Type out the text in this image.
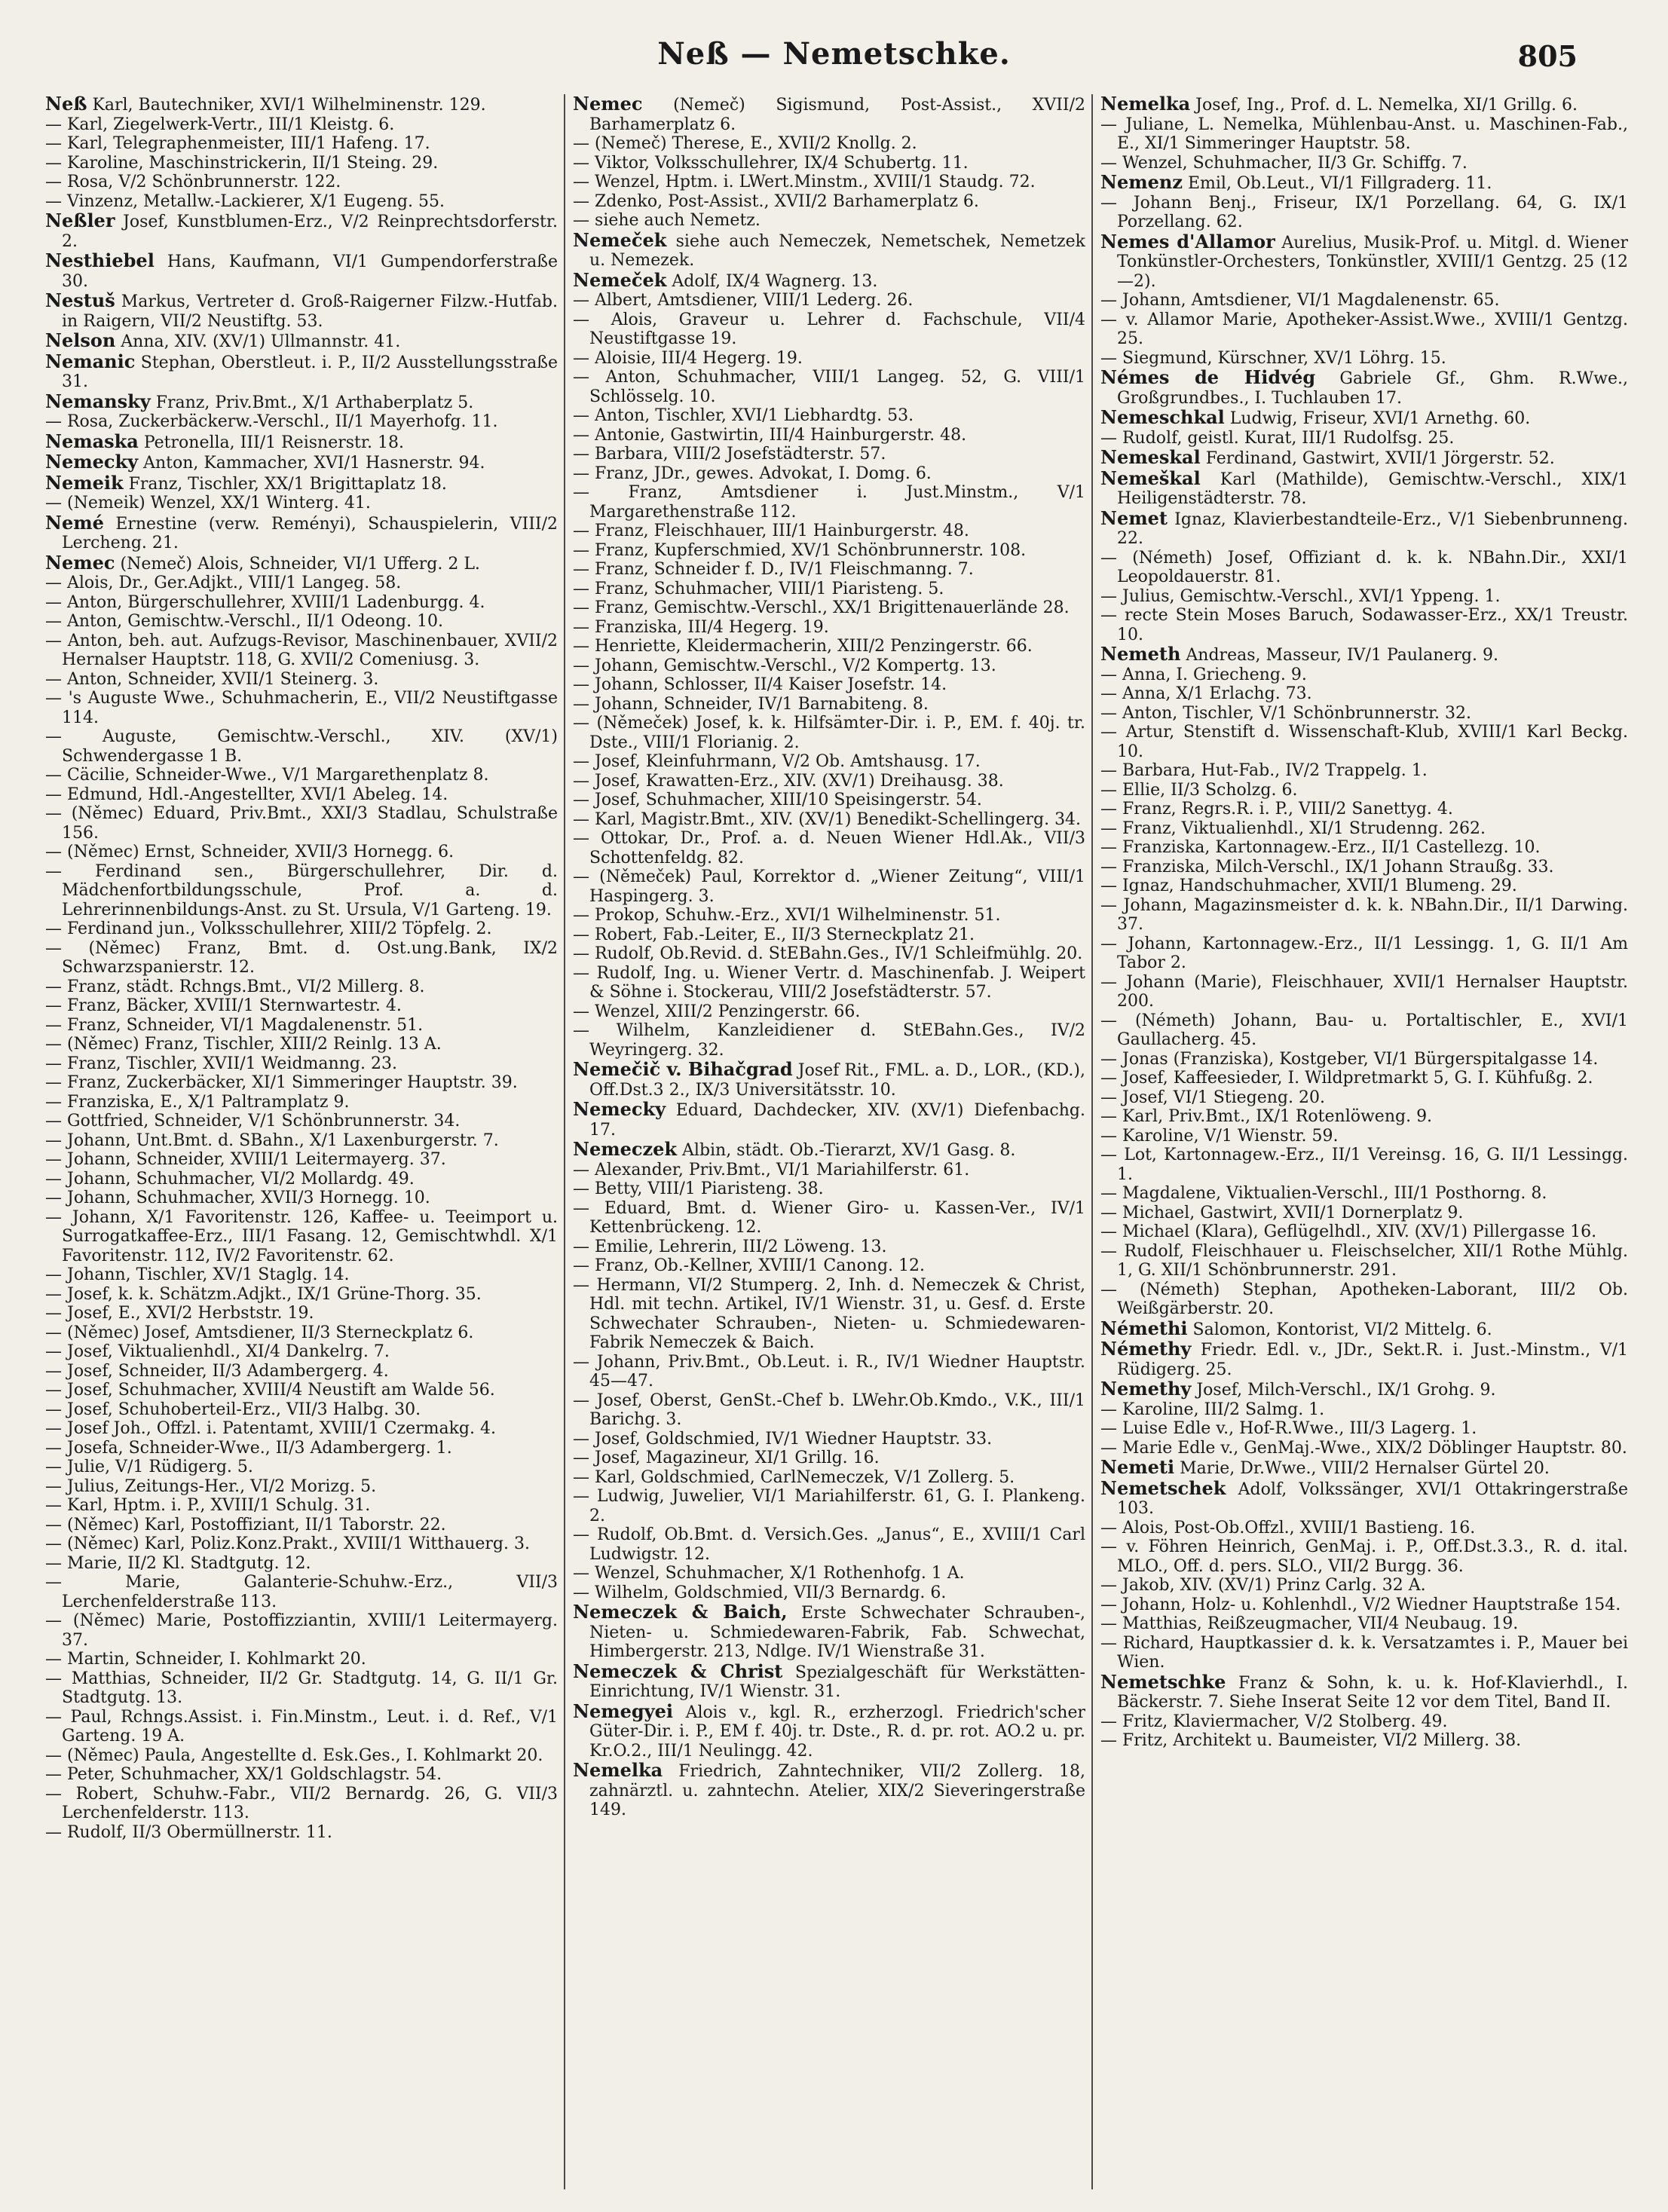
Neß — Nemetschke.	805

Neß Karl, Bautechniker, XVI/1 Wilhelminenstr. 129.

— Karl, Ziegelwerk-Vertr., III/1 Kleistg. 6.

— Karl, Telegraphenmeister, III/1 Hafeng. 17.

— Karoline, Maschinstrickerin, II/1 Steing. 29.

— Rosa, V/2 Schönbrunnerstr. 122.

— Vinzenz, Metallw.-Lackierer, X/1 Eugeng. 55.

Neßler Josef, Kunstblumen-Erz., V/2 Reinprechtsdorferstr. 2.

Nesthiebel Hans, Kaufmann, VI/1 Gumpendorferstraße 30.

Nestuš Markus, Vertreter d. Groß-Raigerner Filzw.-Hutfab. in Raigern, VII/2 Neustiftg. 53.

Nelson Anna, XIV. (XV/1) Ullmannstr. 41.

Nemanic Stephan, Oberstleut. i. P., II/2 Ausstellungsstraße 31.

Nemansky Franz, Priv.Bmt., X/1 Arthaberplatz 5.

— Rosa, Zuckerbäckerw.-Verschl., II/1 Mayerhofg. 11.

Nemaska Petronella, III/1 Reisnerstr. 18.

Nemecky Anton, Kammacher, XVI/1 Hasnerstr. 94.

Nemeik Franz, Tischler, XX/1 Brigittaplatz 18.

— (Nemeik) Wenzel, XX/1 Winterg. 41.

Nemé Ernestine (verw. Reményi), Schauspielerin, VIII/2 Lercheng. 21.

Nemec (Nemeč) Alois, Schneider, VI/1 Ufferg. 2 L.

— Alois, Dr., Ger.Adjkt., VIII/1 Langeg. 58.

— Anton, Bürgerschullehrer, XVIII/1 Ladenburgg. 4.

— Anton, Gemischtw.-Verschl., II/1 Odeong. 10.

— Anton, beh. aut. Aufzugs-Revisor, Maschinenbauer, XVII/2 Hernalser Hauptstr. 118, G. XVII/2 Comeniusg. 3.

— Anton, Schneider, XVII/1 Steinerg. 3.

— 's Auguste Wwe., Schuhmacherin, E., VII/2 Neustiftgasse 114.

— Auguste, Gemischtw.-Verschl., XIV. (XV/1) Schwendergasse 1 B.

— Cäcilie, Schneider-Wwe., V/1 Margarethenplatz 8.

— Edmund, Hdl.-Angestellter, XVI/1 Abeleg. 14.

— (Němec) Eduard, Priv.Bmt., XXI/3 Stadlau, Schulstraße 156.

— (Němec) Ernst, Schneider, XVII/3 Hornegg. 6.

— Ferdinand sen., Bürgerschullehrer, Dir. d. Mädchenfortbildungsschule, Prof. a. d. Lehrerinnenbildungs-Anst. zu St. Ursula, V/1 Garteng. 19.

— Ferdinand jun., Volksschullehrer, XIII/2 Töpfelg. 2.

— (Němec) Franz, Bmt. d. Ost.ung.Bank, IX/2 Schwarzspanierstr. 12.

— Franz, städt. Rchngs.Bmt., VI/2 Millerg. 8.

— Franz, Bäcker, XVIII/1 Sternwartestr. 4.

— Franz, Schneider, VI/1 Magdalenenstr. 51.

— (Němec) Franz, Tischler, XIII/2 Reinlg. 13 A.

— Franz, Tischler, XVII/1 Weidmanng. 23.

— Franz, Zuckerbäcker, XI/1 Simmeringer Hauptstr. 39.

— Franziska, E., X/1 Paltramplatz 9.

— Gottfried, Schneider, V/1 Schönbrunnerstr. 34.

— Johann, Unt.Bmt. d. SBahn., X/1 Laxenburgerstr. 7.

— Johann, Schneider, XVIII/1 Leitermayerg. 37.

— Johann, Schuhmacher, VI/2 Mollardg. 49.

— Johann, Schuhmacher, XVII/3 Hornegg. 10.

— Johann, X/1 Favoritenstr. 126, Kaffee- u. Teeimport u. Surrogatkaffee-Erz., III/1 Fasang. 12, Gemischtwhdl. X/1 Favoritenstr. 112, IV/2 Favoritenstr. 62.

— Johann, Tischler, XV/1 Staglg. 14.

— Josef, k. k. Schätzm.Adjkt., IX/1 Grüne-Thorg. 35.

— Josef, E., XVI/2 Herbststr. 19.

— (Němec) Josef, Amtsdiener, II/3 Sterneckplatz 6.

— Josef, Viktualienhdl., XI/4 Dankelrg. 7.

— Josef, Schneider, II/3 Adambergerg. 4.

— Josef, Schuhmacher, XVIII/4 Neustift am Walde 56.

— Josef, Schuhoberteil-Erz., VII/3 Halbg. 30.

— Josef Joh., Offzl. i. Patentamt, XVIII/1 Czermakg. 4.

— Josefa, Schneider-Wwe., II/3 Adambergerg. 1.

— Julie, V/1 Rüdigerg. 5.

— Julius, Zeitungs-Her., VI/2 Morizg. 5.

— Karl, Hptm. i. P., XVIII/1 Schulg. 31.

— (Němec) Karl, Postoffiziant, II/1 Taborstr. 22.

— (Němec) Karl, Poliz.Konz.Prakt., XVIII/1 Witthauerg. 3.

— Marie, II/2 Kl. Stadtgutg. 12.

— Marie, Galanterie-Schuhw.-Erz., VII/3 Lerchenfelderstraße 113.

— (Němec) Marie, Postoffizziantin, XVIII/1 Leitermayerg. 37.

— Martin, Schneider, I. Kohlmarkt 20.

— Matthias, Schneider, II/2 Gr. Stadtgutg. 14, G. II/1 Gr. Stadtgutg. 13.

— Paul, Rchngs.Assist. i. Fin.Minstm., Leut. i. d. Ref., V/1 Garteng. 19 A.

— (Němec) Paula, Angestellte d. Esk.Ges., I. Kohlmarkt 20.

— Peter, Schuhmacher, XX/1 Goldschlagstr. 54.

— Robert, Schuhw.-Fabr., VII/2 Bernardg. 26, G. VII/3 Lerchenfelderstr. 113.

— Rudolf, II/3 Obermüllnerstr. 11.

Nemec (Nemeč) Sigismund, Post-Assist., XVII/2 Barhamerplatz 6.

— (Nemeč) Therese, E., XVII/2 Knollg. 2.

— Viktor, Volksschullehrer, IX/4 Schubertg. 11.

— Wenzel, Hptm. i. LWert.Minstm., XVIII/1 Staudg. 72.

— Zdenko, Post-Assist., XVII/2 Barhamerplatz 6.

— siehe auch Nemetz.

Nemeček siehe auch Nemeczek, Nemetschek, Nemetzek u. Nemezek.

Nemeček Adolf, IX/4 Wagnerg. 13.

— Albert, Amtsdiener, VIII/1 Lederg. 26.

— Alois, Graveur u. Lehrer d. Fachschule, VII/4 Neustiftgasse 19.

— Aloisie, III/4 Hegerg. 19.

— Anton, Schuhmacher, VIII/1 Langeg. 52, G. VIII/1 Schlösselg. 10.

— Anton, Tischler, XVI/1 Liebhardtg. 53.

— Antonie, Gastwirtin, III/4 Hainburgerstr. 48.

— Barbara, VIII/2 Josefstädterstr. 57.

— Franz, JDr., gewes. Advokat, I. Domg. 6.

— Franz, Amtsdiener i. Just.Minstm., V/1 Margarethenstraße 112.

— Franz, Fleischhauer, III/1 Hainburgerstr. 48.

— Franz, Kupferschmied, XV/1 Schönbrunnerstr. 108.

— Franz, Schneider f. D., IV/1 Fleischmanng. 7.

— Franz, Schuhmacher, VIII/1 Piaristeng. 5.

— Franz, Gemischtw.-Verschl., XX/1 Brigittenauerlände 28.

— Franziska, III/4 Hegerg. 19.

— Henriette, Kleidermacherin, XIII/2 Penzingerstr. 66.

— Johann, Gemischtw.-Verschl., V/2 Kompertg. 13.

— Johann, Schlosser, II/4 Kaiser Josefstr. 14.

— Johann, Schneider, IV/1 Barnabiteng. 8.

— (Němeček) Josef, k. k. Hilfsämter-Dir. i. P., EM. f. 40j. tr. Dste., VIII/1 Florianig. 2.

— Josef, Kleinfuhrmann, V/2 Ob. Amtshausg. 17.

— Josef, Krawatten-Erz., XIV. (XV/1) Dreihausg. 38.

— Josef, Schuhmacher, XIII/10 Speisingerstr. 54.

— Karl, Magistr.Bmt., XIV. (XV/1) Benedikt-Schellingerg. 34.

— Ottokar, Dr., Prof. a. d. Neuen Wiener Hdl.Ak., VII/3 Schottenfeldg. 82.

— (Němeček) Paul, Korrektor d. „Wiener Zeitung“, VIII/1 Haspingerg. 3.

— Prokop, Schuhw.-Erz., XVI/1 Wilhelminenstr. 51.

— Robert, Fab.-Leiter, E., II/3 Sterneckplatz 21.

— Rudolf, Ob.Revid. d. StEBahn.Ges., IV/1 Schleifmühlg. 20.

— Rudolf, Ing. u. Wiener Vertr. d. Maschinenfab. J. Weipert & Söhne i. Stockerau, VIII/2 Josefstädterstr. 57.

— Wenzel, XIII/2 Penzingerstr. 66.

— Wilhelm, Kanzleidiener d. StEBahn.Ges., IV/2 Weyringerg. 32.

Nemečič v. Bihačgrad Josef Rit., FML. a. D., LOR., (KD.), Off.Dst.3 2., IX/3 Universitätsstr. 10.

Nemecky Eduard, Dachdecker, XIV. (XV/1) Diefenbachg. 17.

Nemeczek Albin, städt. Ob.-Tierarzt, XV/1 Gasg. 8.

— Alexander, Priv.Bmt., VI/1 Mariahilferstr. 61.

— Betty, VIII/1 Piaristeng. 38.

— Eduard, Bmt. d. Wiener Giro- u. Kassen-Ver., IV/1 Kettenbrückeng. 12.

— Emilie, Lehrerin, III/2 Löweng. 13.

— Franz, Ob.-Kellner, XVIII/1 Canong. 12.

— Hermann, VI/2 Stumperg. 2, Inh. d. Nemeczek & Christ, Hdl. mit techn. Artikel, IV/1 Wienstr. 31, u. Gesf. d. Erste Schwechater Schrauben-, Nieten- u. Schmiedewaren-Fabrik Nemeczek & Baich.

— Johann, Priv.Bmt., Ob.Leut. i. R., IV/1 Wiedner Hauptstr. 45—47.

— Josef, Oberst, GenSt.-Chef b. LWehr.Ob.Kmdo., V.K., III/1 Barichg. 3.

— Josef, Goldschmied, IV/1 Wiedner Hauptstr. 33.

— Josef, Magazineur, XI/1 Grillg. 16.

— Karl, Goldschmied, CarlNemeczek, V/1 Zollerg. 5.

— Ludwig, Juwelier, VI/1 Mariahilferstr. 61, G. I. Plankeng. 2.

— Rudolf, Ob.Bmt. d. Versich.Ges. „Janus“, E., XVIII/1 Carl Ludwigstr. 12.

— Wenzel, Schuhmacher, X/1 Rothenhofg. 1 A.

— Wilhelm, Goldschmied, VII/3 Bernardg. 6.

Nemeczek & Baich, Erste Schwechater Schrauben-, Nieten- u. Schmiedewaren-Fabrik, Fab. Schwechat, Himbergerstr. 213, Ndlge. IV/1 Wienstraße 31.

Nemeczek & Christ Spezialgeschäft für Werkstätten-Einrichtung, IV/1 Wienstr. 31.

Nemegyei Alois v., kgl. R., erzherzogl. Friedrich'scher Güter-Dir. i. P., EM f. 40j. tr. Dste., R. d. pr. rot. AO.2 u. pr. Kr.O.2., III/1 Neulingg. 42.

Nemelka Friedrich, Zahntechniker, VII/2 Zollerg. 18, zahnärztl. u. zahntechn. Atelier, XIX/2 Sieveringerstraße 149.

Nemelka Josef, Ing., Prof. d. L. Nemelka, XI/1 Grillg. 6.

— Juliane, L. Nemelka, Mühlenbau-Anst. u. Maschinen-Fab., E., XI/1 Simmeringer Hauptstr. 58.

— Wenzel, Schuhmacher, II/3 Gr. Schiffg. 7.

Nemenz Emil, Ob.Leut., VI/1 Fillgraderg. 11.

— Johann Benj., Friseur, IX/1 Porzellang. 64, G. IX/1 Porzellang. 62.

Nemes d'Allamor Aurelius, Musik-Prof. u. Mitgl. d. Wiener Tonkünstler-Orchesters, Tonkünstler, XVIII/1 Gentzg. 25 (12—2).

— Johann, Amtsdiener, VI/1 Magdalenenstr. 65.

— v. Allamor Marie, Apotheker-Assist.Wwe., XVIII/1 Gentzg. 25.

— Siegmund, Kürschner, XV/1 Löhrg. 15.

Némes de Hidvég Gabriele Gf., Ghm. R.Wwe., Großgrundbes., I. Tuchlauben 17.

Nemeschkal Ludwig, Friseur, XVI/1 Arnethg. 60.

— Rudolf, geistl. Kurat, III/1 Rudolfsg. 25.

Nemeskal Ferdinand, Gastwirt, XVII/1 Jörgerstr. 52.

Nemeškal Karl (Mathilde), Gemischtw.-Verschl., XIX/1 Heiligenstädterstr. 78.

Nemet Ignaz, Klavierbestandteile-Erz., V/1 Siebenbrunneng. 22.

— (Németh) Josef, Offiziant d. k. k. NBahn.Dir., XXI/1 Leopoldauerstr. 81.

— Julius, Gemischtw.-Verschl., XVI/1 Yppeng. 1.

— recte Stein Moses Baruch, Sodawasser-Erz., XX/1 Treustr. 10.

Nemeth Andreas, Masseur, IV/1 Paulanerg. 9.

— Anna, I. Griecheng. 9.

— Anna, X/1 Erlachg. 73.

— Anton, Tischler, V/1 Schönbrunnerstr. 32.

— Artur, Stenstift d. Wissenschaft-Klub, XVIII/1 Karl Beckg. 10.

— Barbara, Hut-Fab., IV/2 Trappelg. 1.

— Ellie, II/3 Scholzg. 6.

— Franz, Regrs.R. i. P., VIII/2 Sanettyg. 4.

— Franz, Viktualienhdl., XI/1 Strudenng. 262.

— Franziska, Kartonnagew.-Erz., II/1 Castellezg. 10.

— Franziska, Milch-Verschl., IX/1 Johann Straußg. 33.

— Ignaz, Handschuhmacher, XVII/1 Blumeng. 29.

— Johann, Magazinsmeister d. k. k. NBahn.Dir., II/1 Darwing. 37.

— Johann, Kartonnagew.-Erz., II/1 Lessingg. 1, G. II/1 Am Tabor 2.

— Johann (Marie), Fleischhauer, XVII/1 Hernalser Hauptstr. 200.

— (Németh) Johann, Bau- u. Portaltischler, E., XVI/1 Gaullacherg. 45.

— Jonas (Franziska), Kostgeber, VI/1 Bürgerspitalgasse 14.

— Josef, Kaffeesieder, I. Wildpretmarkt 5, G. I. Kühfußg. 2.

— Josef, VI/1 Stiegeng. 20.

— Karl, Priv.Bmt., IX/1 Rotenlöweng. 9.

— Karoline, V/1 Wienstr. 59.

— Lot, Kartonnagew.-Erz., II/1 Vereinsg. 16, G. II/1 Lessingg. 1.

— Magdalene, Viktualien-Verschl., III/1 Posthorng. 8.

— Michael, Gastwirt, XVII/1 Dornerplatz 9.

— Michael (Klara), Geflügelhdl., XIV. (XV/1) Pillergasse 16.

— Rudolf, Fleischhauer u. Fleischselcher, XII/1 Rothe Mühlg. 1, G. XII/1 Schönbrunnerstr. 291.

— (Németh) Stephan, Apotheken-Laborant, III/2 Ob. Weißgärberstr. 20.

Némethi Salomon, Kontorist, VI/2 Mittelg. 6.

Némethy Friedr. Edl. v., JDr., Sekt.R. i. Just.-Minstm., V/1 Rüdigerg. 25.

Nemethy Josef, Milch-Verschl., IX/1 Grohg. 9.

— Karoline, III/2 Salmg. 1.

— Luise Edle v., Hof-R.Wwe., III/3 Lagerg. 1.

— Marie Edle v., GenMaj.-Wwe., XIX/2 Döblinger Hauptstr. 80.

Nemeti Marie, Dr.Wwe., VIII/2 Hernalser Gürtel 20.

Nemetschek Adolf, Volkssänger, XVI/1 Ottakringerstraße 103.

— Alois, Post-Ob.Offzl., XVIII/1 Bastieng. 16.

— v. Föhren Heinrich, GenMaj. i. P., Off.Dst.3.3., R. d. ital. MLO., Off. d. pers. SLO., VII/2 Burgg. 36.

— Jakob, XIV. (XV/1) Prinz Carlg. 32 A.

— Johann, Holz- u. Kohlenhdl., V/2 Wiedner Hauptstraße 154.

— Matthias, Reißzeugmacher, VII/4 Neubaug. 19.

— Richard, Hauptkassier d. k. k. Versatzamtes i. P., Mauer bei Wien.

Nemetschke Franz & Sohn, k. u. k. Hof-Klavierhdl., I. Bäckerstr. 7. Siehe Inserat Seite 12 vor dem Titel, Band II.

— Fritz, Klaviermacher, V/2 Stolberg. 49.

— Fritz, Architekt u. Baumeister, VI/2 Millerg. 38.
